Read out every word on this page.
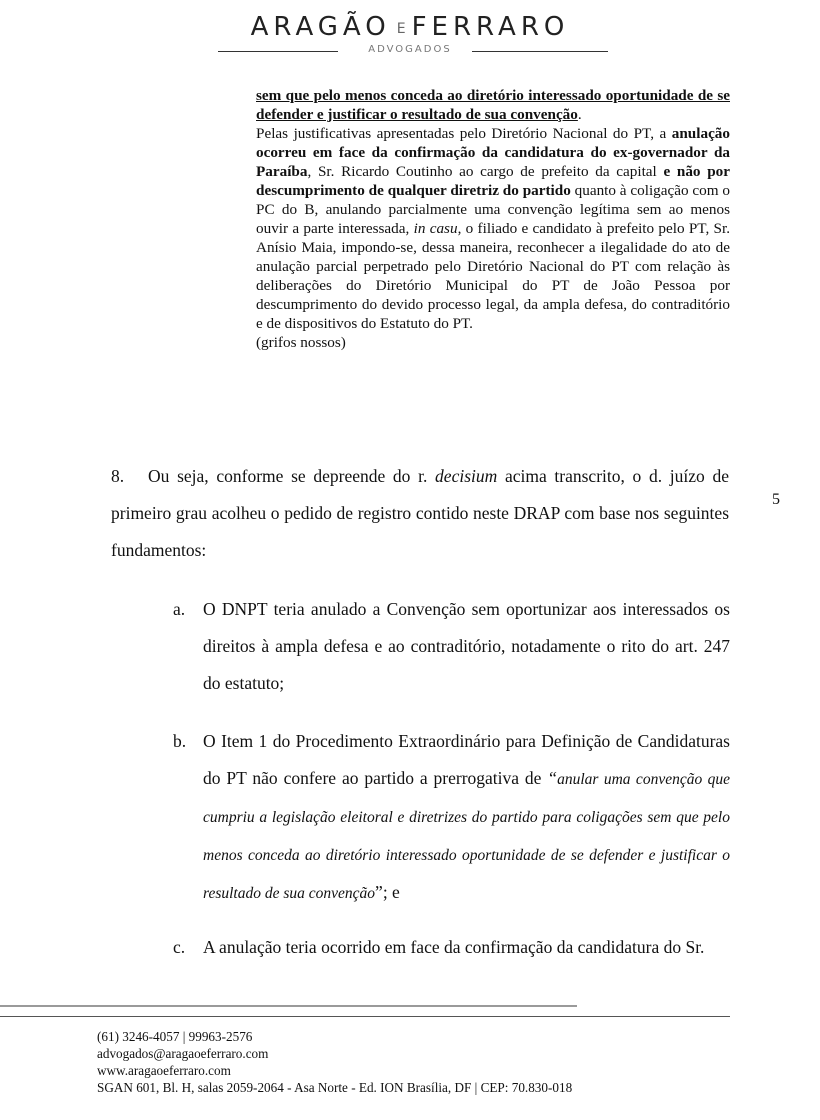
ARAGÃO E FERRARO
ADVOGADOS

sem que pelo menos conceda ao diretório interessado oportunidade de se defender e justificar o resultado de sua convenção.

Pelas justificativas apresentadas pelo Diretório Nacional do PT, a anulação ocorreu em face da confirmação da candidatura do ex-governador da Paraíba, Sr. Ricardo Coutinho ao cargo de prefeito da capital e não por descumprimento de qualquer diretriz do partido quanto à coligação com o PC do B, anulando parcialmente uma convenção legítima sem ao menos ouvir a parte interessada, in casu, o filiado e candidato à prefeito pelo PT, Sr. Anísio Maia, impondo-se, dessa maneira, reconhecer a ilegalidade do ato de anulação parcial perpetrado pelo Diretório Nacional do PT com relação às deliberações do Diretório Municipal do PT de João Pessoa por descumprimento do devido processo legal, da ampla defesa, do contraditório e de dispositivos do Estatuto do PT.

(grifos nossos)

8. Ou seja, conforme se depreende do r. decisium acima transcrito, o d. juízo de primeiro grau acolheu o pedido de registro contido neste DRAP com base nos seguintes fundamentos:

5
a. O DNPT teria anulado a Convenção sem oportunizar aos interessados os direitos à ampla defesa e ao contraditório, notadamente o rito do art. 247 do estatuto;

b. O Item 1 do Procedimento Extraordinário para Definição de Candidaturas do PT não confere ao partido a prerrogativa de “anular uma convenção que cumpriu a legislação eleitoral e diretrizes do partido para coligações sem que pelo menos conceda ao diretório interessado oportunidade de se defender e justificar o resultado de sua convenção”; e

c. A anulação teria ocorrido em face da confirmação da candidatura do Sr.

(61) 3246-4057 | 99963-2576
advogados@aragaoeferraro.com
www.aragaoeferraro.com
SGAN 601, Bl. H, salas 2059-2064 - Asa Norte - Ed. ION Brasília, DF | CEP: 70.830-018
